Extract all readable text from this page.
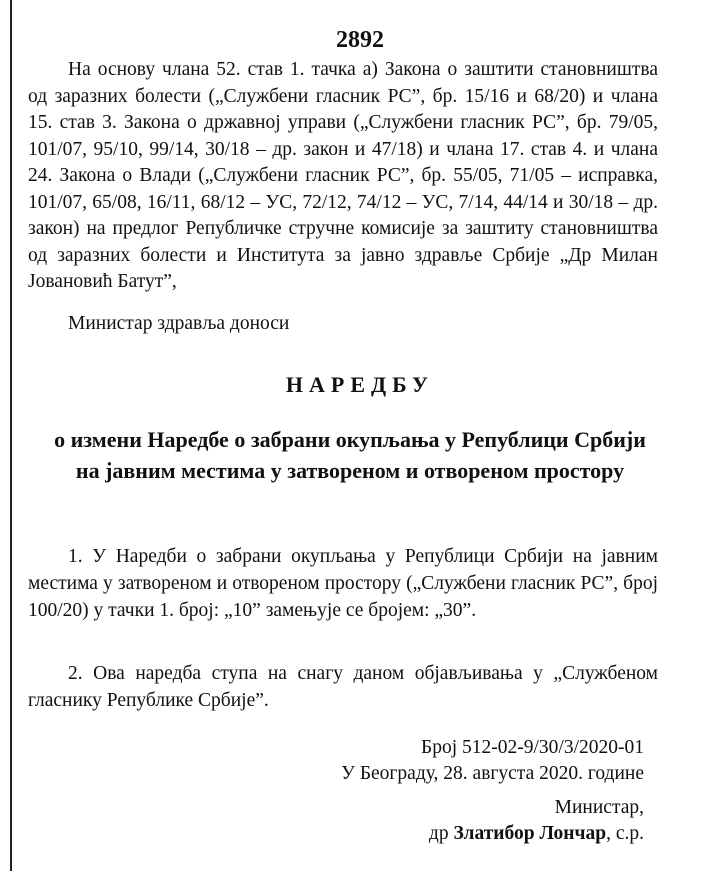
2892

На основу члана 52. став 1. тачка а) Закона о заштити становништва од заразних болести („Службени гласник РС”, бр. 15/16 и 68/20) и члана 15. став 3. Закона о државној управи („Службени гласник РС”, бр. 79/05, 101/07, 95/10, 99/14, 30/18 – др. закон и 47/18) и члана 17. став 4. и члана 24. Закона о Влади („Службени гласник РС”, бр. 55/05, 71/05 – исправка, 101/07, 65/08, 16/11, 68/12 – УС, 72/12, 74/12 – УС, 7/14, 44/14 и 30/18 – др. закон) на предлог Републичке стручне комисије за заштиту становништва од заразних болести и Института за јавно здравље Србије „Др Милан Јовановић Батут”,

Министар здравља доноси

НАРЕДБУ
о измени Наредбе о забрани окупљања у Републици Србији на јавним местима у затвореном и отвореном простору

1. У Наредби о забрани окупљања у Републици Србији на јавним местима у затвореном и отвореном простору („Службени гласник РС”, број 100/20) у тачки 1. број: „10” замењује се бројем: „30”.

2. Ова наредба ступа на снагу даном објављивања у „Службеном гласнику Републике Србије”.

Број 512-02-9/30/3/2020-01

У Београду, 28. августа 2020. године

Министар,

др Златибор Лончар, с.р.
